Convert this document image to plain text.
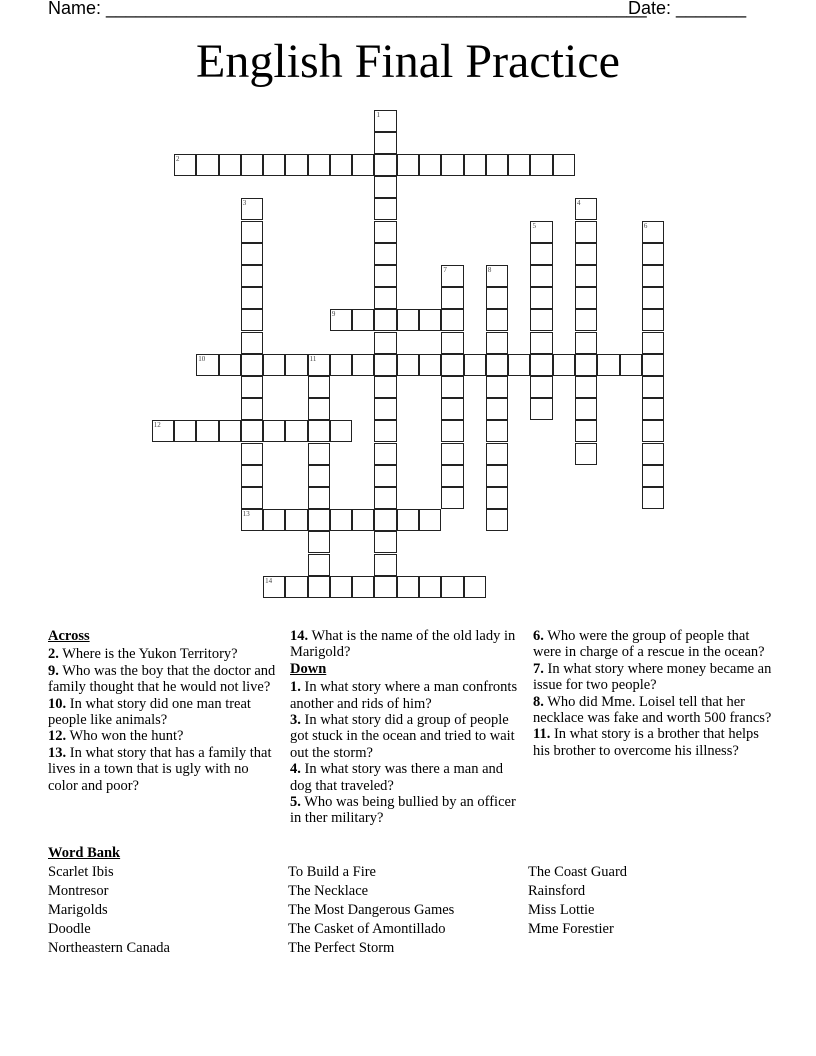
Name: ______________________________________________________
Date: _______
English Final Practice
1
2
3
13
4
5	6
7	8
9
10	11
12
14
Across
2. Where is the Yukon Territory?
9. Who was the boy that the doctor and family thought that he would not live?
10. In what story did one man treat people like animals?
12. Who won the hunt?
13. In what story that has a family that lives in a town that is ugly with no color and poor?
14. What is the name of the old lady in Marigold?
Down
1. In what story where a man confronts another and rids of him?
3. In what story did a group of people got stuck in the ocean and tried to wait out the storm?
4. In what story was there a man and dog that traveled?
5. Who was being bullied by an officer in ther military?
6. Who were the group of people that were in charge of a rescue in the ocean?
7. In what story where money became an issue for two people?
8. Who did Mme. Loisel tell that her necklace was fake and worth 500 francs?
11. In what story is a brother that helps his brother to overcome his illness?
Word Bank
Scarlet Ibis
Montresor
Marigolds
Doodle
Northeastern Canada
To Build a Fire
The Necklace
The Most Dangerous Games
The Casket of Amontillado
The Perfect Storm
The Coast Guard
Rainsford
Miss Lottie
Mme Forestier
